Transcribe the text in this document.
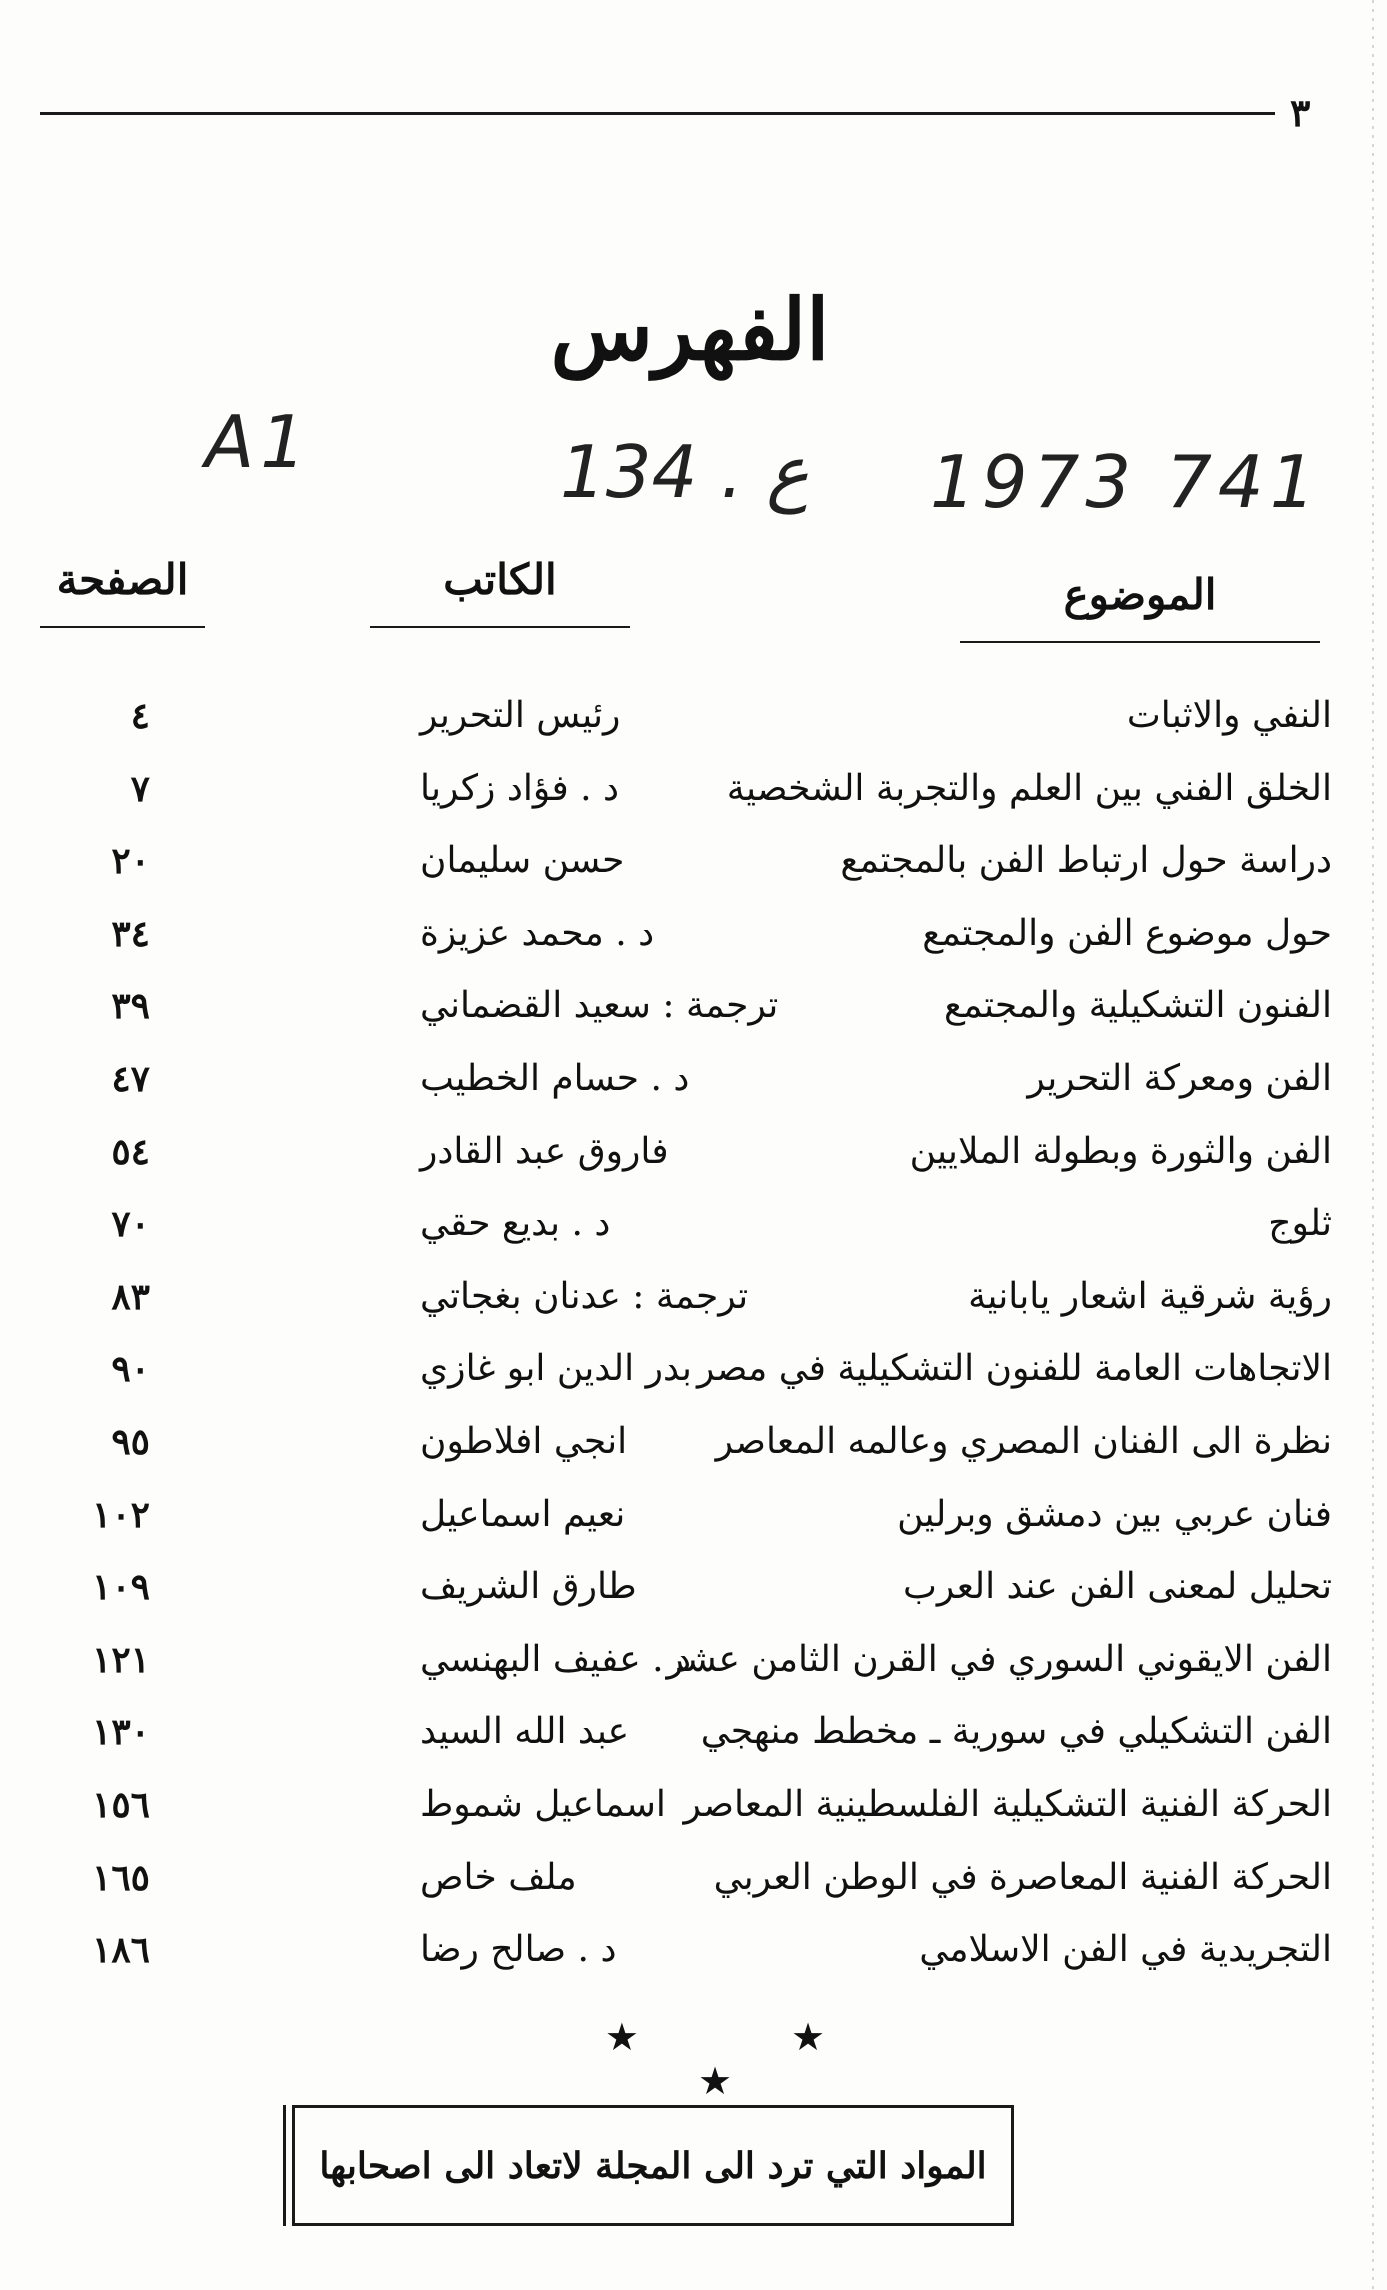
٣
الفهرس
A1	134 . ع 1973 741
الموضوع
الكاتب
الصفحة
النفي والاثبات
رئيس التحرير
٤
الخلق الفني بين العلم والتجربة الشخصية
د . فؤاد زكريا
٧
دراسة حول ارتباط الفن بالمجتمع
حسن سليمان
٢٠
حول موضوع الفن والمجتمع
د . محمد عزيزة
٣٤
الفنون التشكيلية والمجتمع
ترجمة : سعيد القضماني
٣٩
الفن ومعركة التحرير
د . حسام الخطيب
٤٧
الفن والثورة وبطولة الملايين
فاروق عبد القادر
٥٤
ثلوج
د . بديع حقي
٧٠
رؤية شرقية اشعار يابانية
ترجمة : عدنان بغجاتي
٨٣
الاتجاهات العامة للفنون التشكيلية في مصر
بدر الدين ابو غازي
٩٠
نظرة الى الفنان المصري وعالمه المعاصر
انجي افلاطون
٩٥
فنان عربي بين دمشق وبرلين
نعيم اسماعيل
١٠٢
تحليل لمعنى الفن عند العرب
طارق الشريف
١٠٩
الفن الايقوني السوري في القرن الثامن عشر
د . عفيف البهنسي
١٢١
الفن التشكيلي في سورية ـ مخطط منهجي
عبد الله السيد
١٣٠
الحركة الفنية التشكيلية الفلسطينية المعاصر
اسماعيل شموط
١٥٦
الحركة الفنية المعاصرة في الوطن العربي
ملف خاص
١٦٥
التجريدية في الفن الاسلامي
د . صالح رضا
١٨٦
★ ★ ★
المواد التي ترد الى المجلة لاتعاد الى اصحابها
